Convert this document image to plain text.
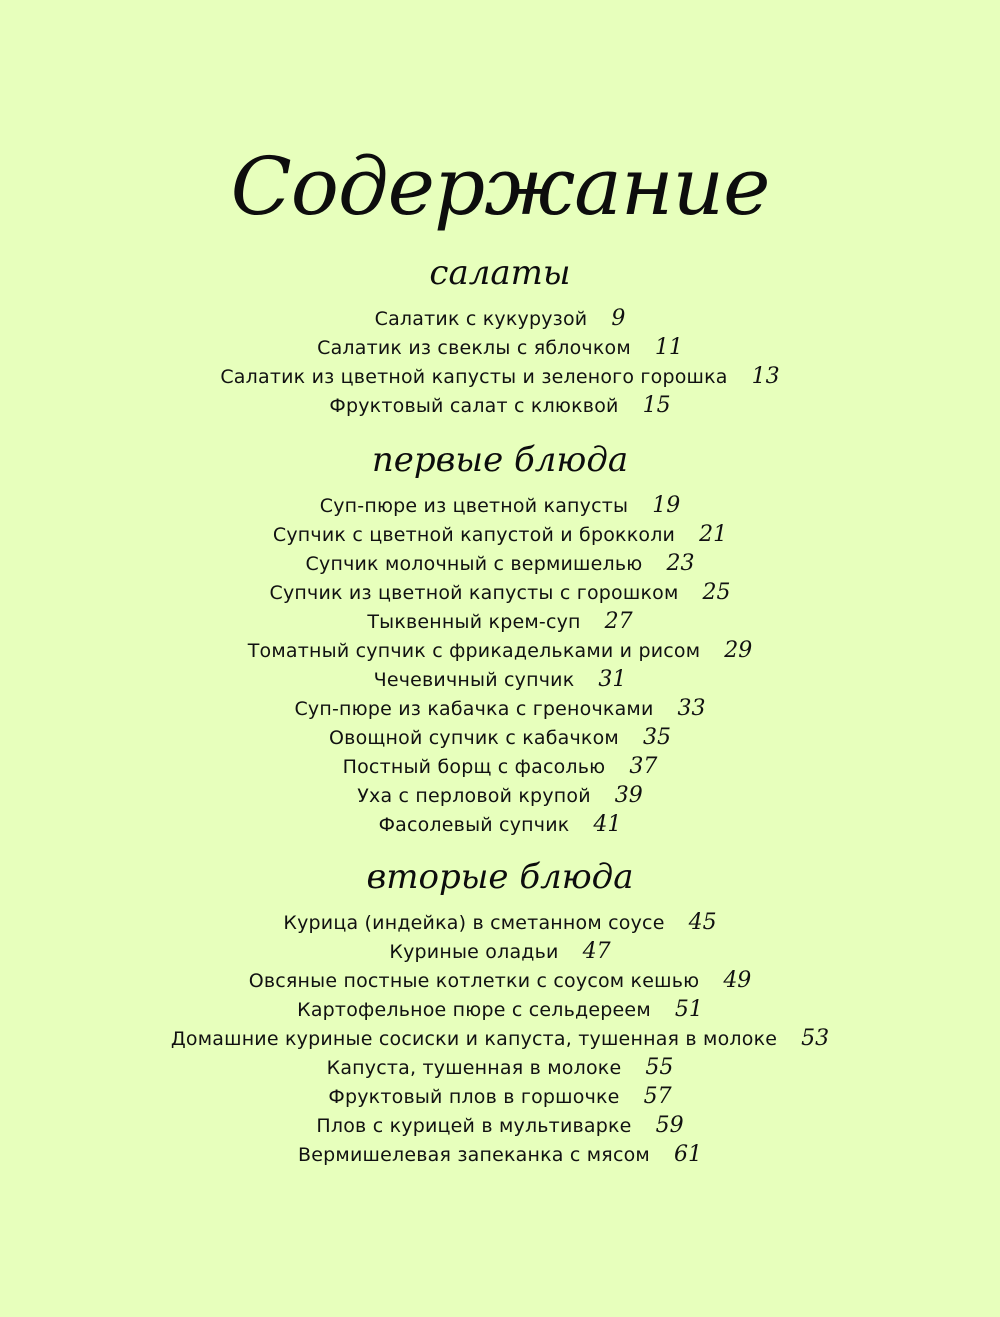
Содержание
салаты
Салатик с кукурузой 9
Салатик из свеклы с яблочком 11
Салатик из цветной капусты и зеленого горошка 13
Фруктовый салат с клюквой 15
первые блюда
Суп-пюре из цветной капусты 19
Супчик с цветной капустой и брокколи 21
Супчик молочный с вермишелью 23
Супчик из цветной капусты с горошком 25
Тыквенный крем-суп 27
Томатный супчик с фрикадельками и рисом 29
Чечевичный супчик 31
Суп-пюре из кабачка с греночками 33
Овощной супчик с кабачком 35
Постный борщ с фасолью 37
Уха с перловой крупой 39
Фасолевый супчик 41
вторые блюда
Курица (индейка) в сметанном соусе 45
Куриные оладьи 47
Овсяные постные котлетки с соусом кешью 49
Картофельное пюре с сельдереем 51
Домашние куриные сосиски и капуста, тушенная в молоке 53
Капуста, тушенная в молоке 55
Фруктовый плов в горшочке 57
Плов с курицей в мультиварке 59
Вермишелевая запеканка с мясом 61
